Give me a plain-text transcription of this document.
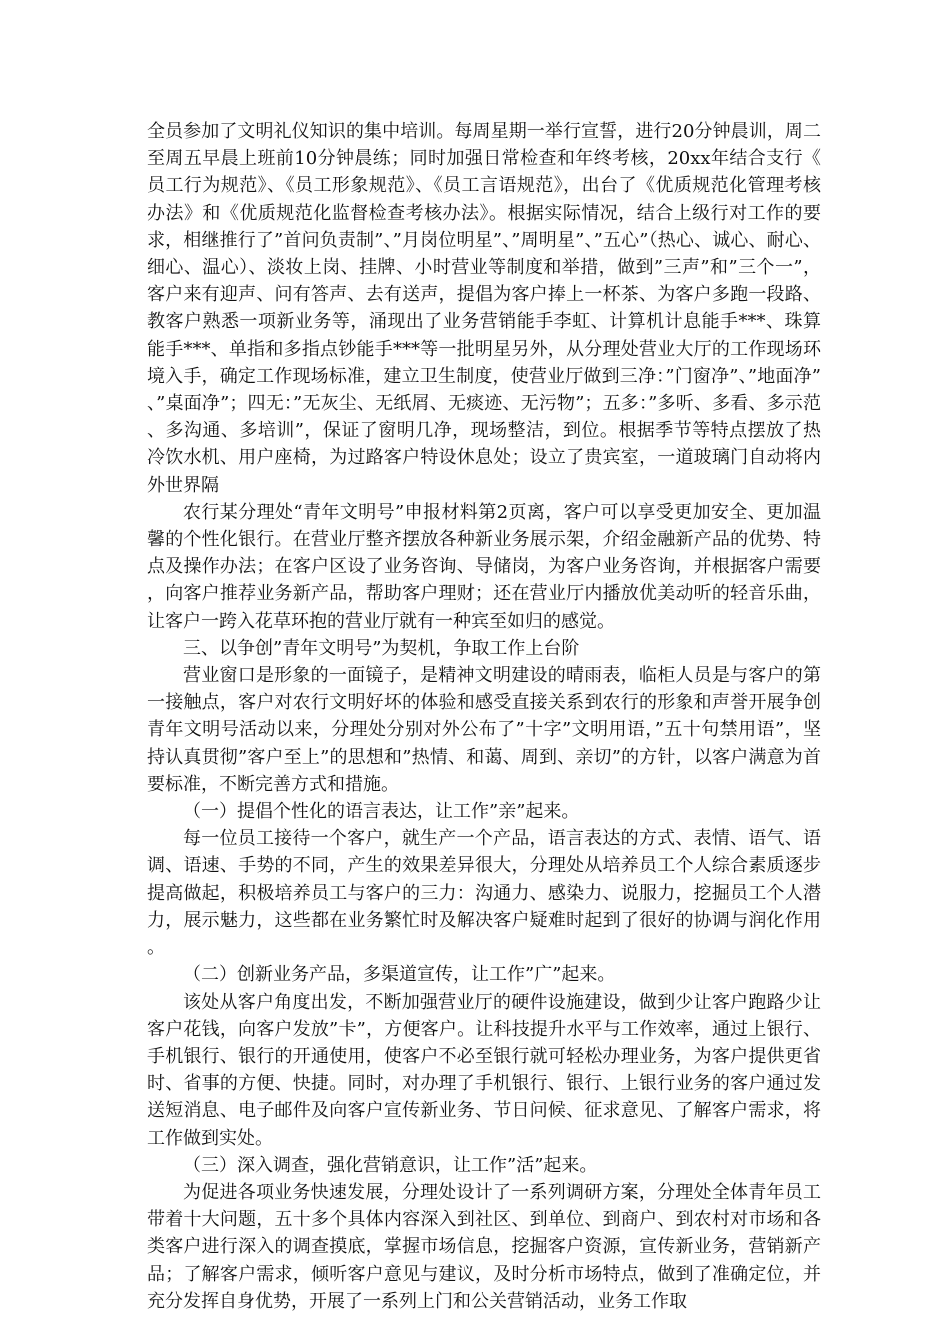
全员参加了文明礼仪知识的集中培训。每周星期一举行宣誓，进行20分钟晨训，周二至周五早晨上班前10分钟晨练；同时加强日常检查和年终考核，20xx年结合支行《员工行为规范》、《员工形象规范》、《员工言语规范》，出台了《优质规范化管理考核办法》和《优质规范化监督检查考核办法》。根据实际情况，结合上级行对工作的要求，相继推行了”首问负责制”、”月岗位明星”、”周明星”、”五心”（热心、诚心、耐心、细心、温心）、淡妆上岗、挂牌、小时营业等制度和举措，做到”三声”和”三个一”，客户来有迎声、问有答声、去有送声，提倡为客户捧上一杯茶、为客户多跑一段路、教客户熟悉一项新业务等，涌现出了业务营销能手李虹、计算机计息能手***、珠算能手***、单指和多指点钞能手***等一批明星另外，从分理处营业大厅的工作现场环境入手，确定工作现场标准，建立卫生制度，使营业厅做到三净：”门窗净”、”地面净”、”桌面净”；四无：”无灰尘、无纸屑、无痰迹、无污物”；五多：”多听、多看、多示范、多沟通、多培训”，保证了窗明几净，现场整洁，到位。根据季节等特点摆放了热冷饮水机、用户座椅，为过路客户特设休息处；设立了贵宾室，一道玻璃门自动将内外世界隔

农行某分理处“青年文明号”申报材料第2页离，客户可以享受更加安全、更加温馨的个性化银行。在营业厅整齐摆放各种新业务展示架，介绍金融新产品的优势、特点及操作办法；在客户区设了业务咨询、导储岗，为客户业务咨询，并根据客户需要，向客户推荐业务新产品，帮助客户理财；还在营业厅内播放优美动听的轻音乐曲，让客户一跨入花草环抱的营业厅就有一种宾至如归的感觉。

三、以争创”青年文明号”为契机，争取工作上台阶

营业窗口是形象的一面镜子，是精神文明建设的晴雨表，临柜人员是与客户的第一接触点，客户对农行文明好坏的体验和感受直接关系到农行的形象和声誉开展争创青年文明号活动以来，分理处分别对外公布了”十字”文明用语，”五十句禁用语”，坚持认真贯彻”客户至上”的思想和”热情、和蔼、周到、亲切”的方针，以客户满意为首要标准，不断完善方式和措施。

（一）提倡个性化的语言表达，让工作”亲”起来。

每一位员工接待一个客户，就生产一个产品，语言表达的方式、表情、语气、语调、语速、手势的不同，产生的效果差异很大，分理处从培养员工个人综合素质逐步提高做起，积极培养员工与客户的三力：沟通力、感染力、说服力，挖掘员工个人潜力，展示魅力，这些都在业务繁忙时及解决客户疑难时起到了很好的协调与润化作用。

（二）创新业务产品，多渠道宣传，让工作”广”起来。

该处从客户角度出发，不断加强营业厅的硬件设施建设，做到少让客户跑路少让客户花钱，向客户发放”卡”，方便客户。让科技提升水平与工作效率，通过上银行、手机银行、银行的开通使用，使客户不必至银行就可轻松办理业务，为客户提供更省时、省事的方便、快捷。同时，对办理了手机银行、银行、上银行业务的客户通过发送短消息、电子邮件及向客户宣传新业务、节日问候、征求意见、了解客户需求，将工作做到实处。

（三）深入调查，强化营销意识，让工作”活”起来。

为促进各项业务快速发展，分理处设计了一系列调研方案，分理处全体青年员工带着十大问题，五十多个具体内容深入到社区、到单位、到商户、到农村对市场和各类客户进行深入的调查摸底，掌握市场信息，挖掘客户资源，宣传新业务，营销新产品；了解客户需求，倾听客户意见与建议，及时分析市场特点，做到了准确定位，并充分发挥自身优势，开展了一系列上门和公关营销活动，业务工作取
